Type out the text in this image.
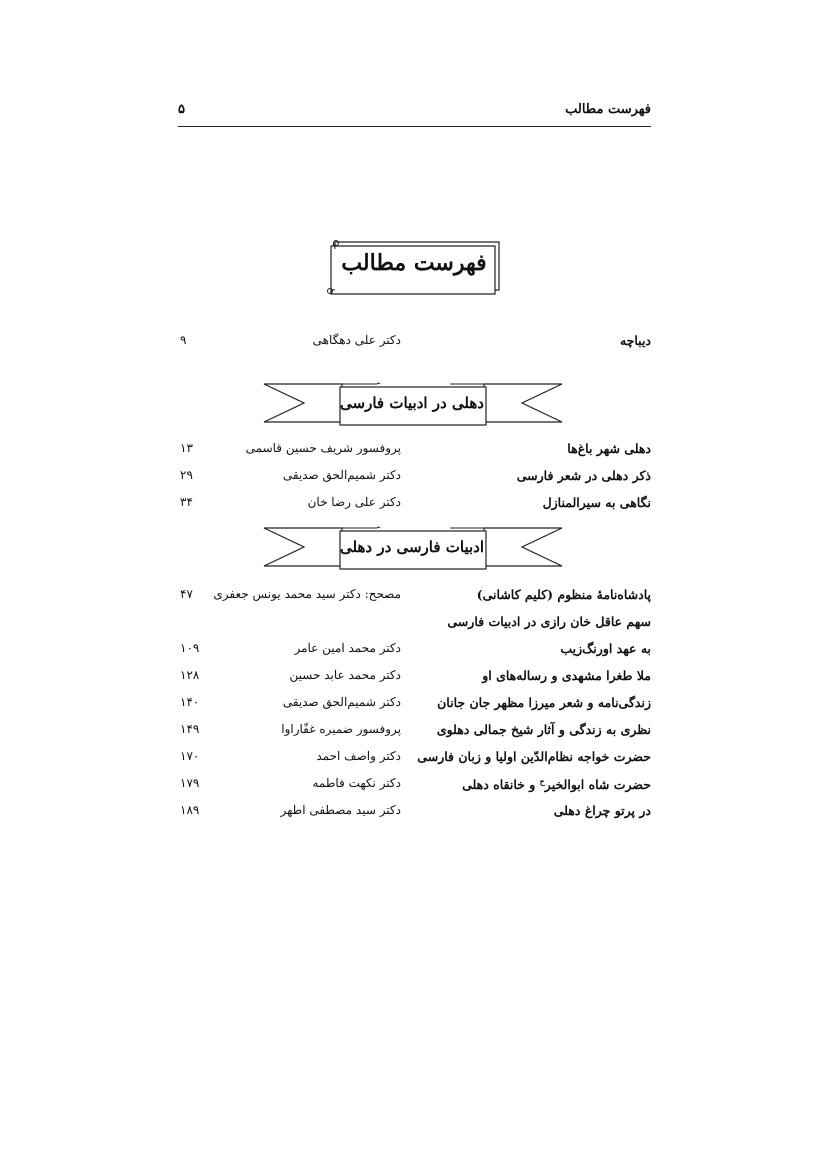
فهرست مطالب
۵
فهرست مطالب
دیباچه
دکتر علی دهگاهی
۹
دهلی در ادبیات فارسی
دهلی شهر باغ‌ها
پروفسور شریف حسین قاسمی
۱۳
ذکر دهلی در شعر فارسی
دکتر شمیم‌الحق صدیقی
۲۹
نگاهی به سیرالمنازل
دکتر علی رضا خان
۳۴
ادبیات فارسی در دهلی
پادشاه‌نامهٔ منظوم (کلیم کاشانی)
مصحح: دکتر سید محمد یونس جعفری
۴۷
سهم عاقل خان رازی در ادبیات فارسی
به عهد اورنگ‌زیب
دکتر محمد امین عامر
۱۰۹
ملا طغرا مشهدی و رساله‌های او
دکتر محمد عابد حسین
۱۲۸
زندگی‌نامه و شعر میرزا مظهر جان جانان
دکتر شمیم‌الحق صدیقی
۱۴۰
نظری به زندگی و آثار شیخ جمالی دهلوی
پروفسور ضمیره غفّاراوا
۱۴۹
حضرت خواجه نظام‌الدّین اولیا و زبان فارسی
دکتر واصف احمد
۱۷۰
حضرت شاه ابوالخیر$^ح$ و خانقاه دهلی
دکتر نکهت فاطمه
۱۷۹
در پرتو چراغ دهلی
دکتر سید مصطفی اطهر
۱۸۹
